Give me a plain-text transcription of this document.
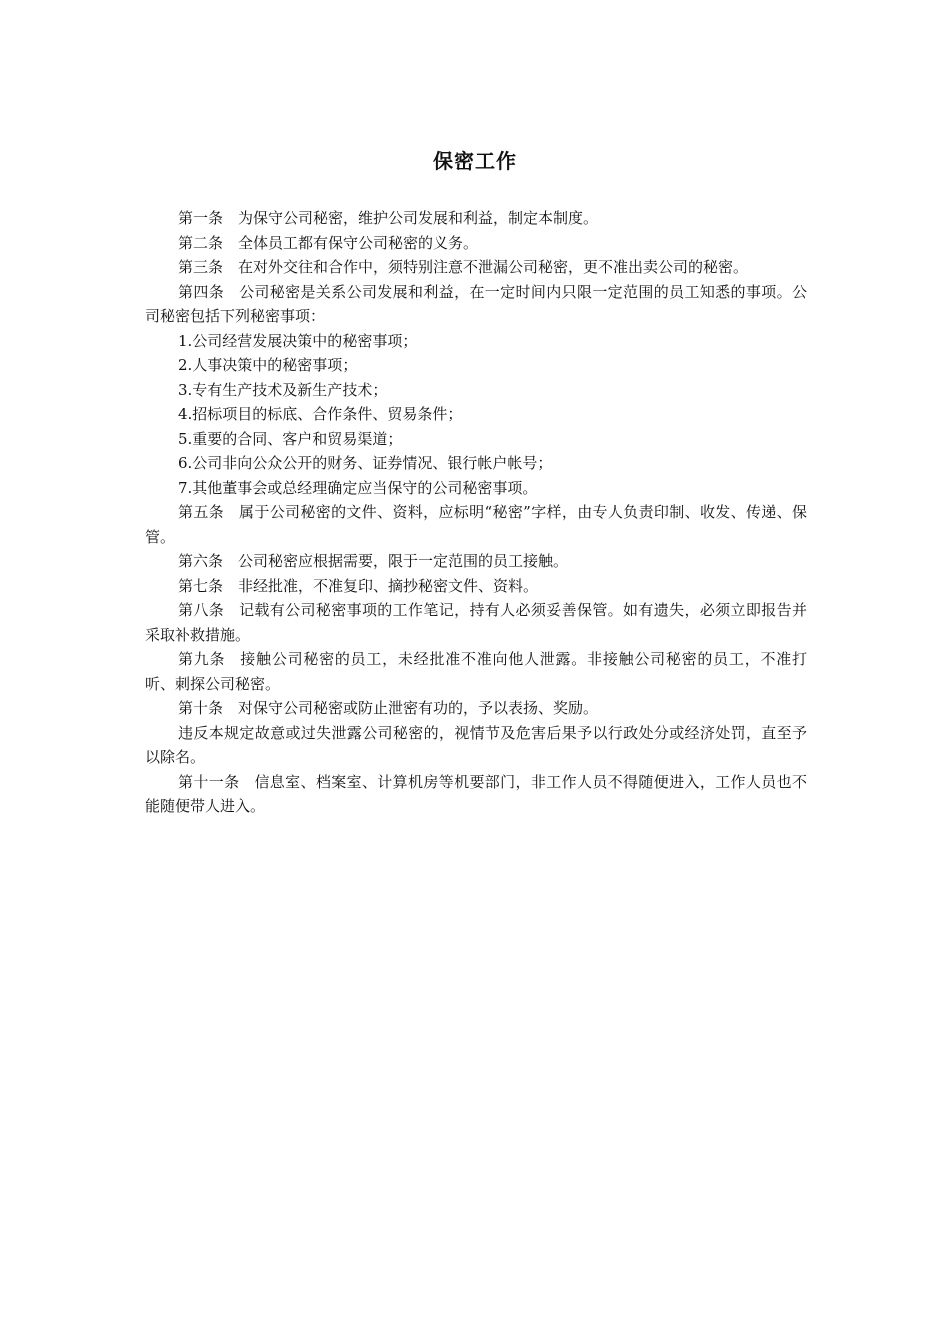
保密工作

第一条 为保守公司秘密，维护公司发展和利益，制定本制度。

第二条 全体员工都有保守公司秘密的义务。

第三条 在对外交往和合作中，须特别注意不泄漏公司秘密，更不准出卖公司的秘密。

第四条 公司秘密是关系公司发展和利益，在一定时间内只限一定范围的员工知悉的事项。公司秘密包括下列秘密事项：

1.公司经营发展决策中的秘密事项；

2.人事决策中的秘密事项；

3.专有生产技术及新生产技术；

4.招标项目的标底、合作条件、贸易条件；

5.重要的合同、客户和贸易渠道；

6.公司非向公众公开的财务、证券情况、银行帐户帐号；

7.其他董事会或总经理确定应当保守的公司秘密事项。

第五条 属于公司秘密的文件、资料，应标明“秘密”字样，由专人负责印制、收发、传递、保管。

第六条 公司秘密应根据需要，限于一定范围的员工接触。

第七条 非经批准，不准复印、摘抄秘密文件、资料。

第八条 记载有公司秘密事项的工作笔记，持有人必须妥善保管。如有遗失，必须立即报告并采取补救措施。

第九条 接触公司秘密的员工，未经批准不准向他人泄露。非接触公司秘密的员工，不准打听、刺探公司秘密。

第十条 对保守公司秘密或防止泄密有功的，予以表扬、奖励。

违反本规定故意或过失泄露公司秘密的，视情节及危害后果予以行政处分或经济处罚，直至予以除名。

第十一条 信息室、档案室、计算机房等机要部门，非工作人员不得随便进入，工作人员也不能随便带人进入。
